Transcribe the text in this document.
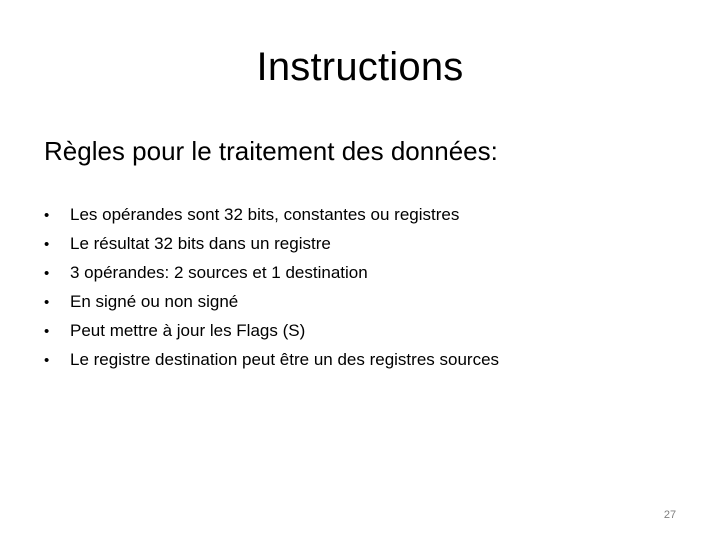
Instructions
Règles pour le traitement des données:
•	Les opérandes sont 32 bits, constantes ou registres
•	Le résultat 32 bits dans un registre
•	3 opérandes: 2 sources et 1 destination
•	En signé ou non signé
•	Peut mettre à jour les Flags (S)
•	Le registre destination peut être un des registres sources
27
